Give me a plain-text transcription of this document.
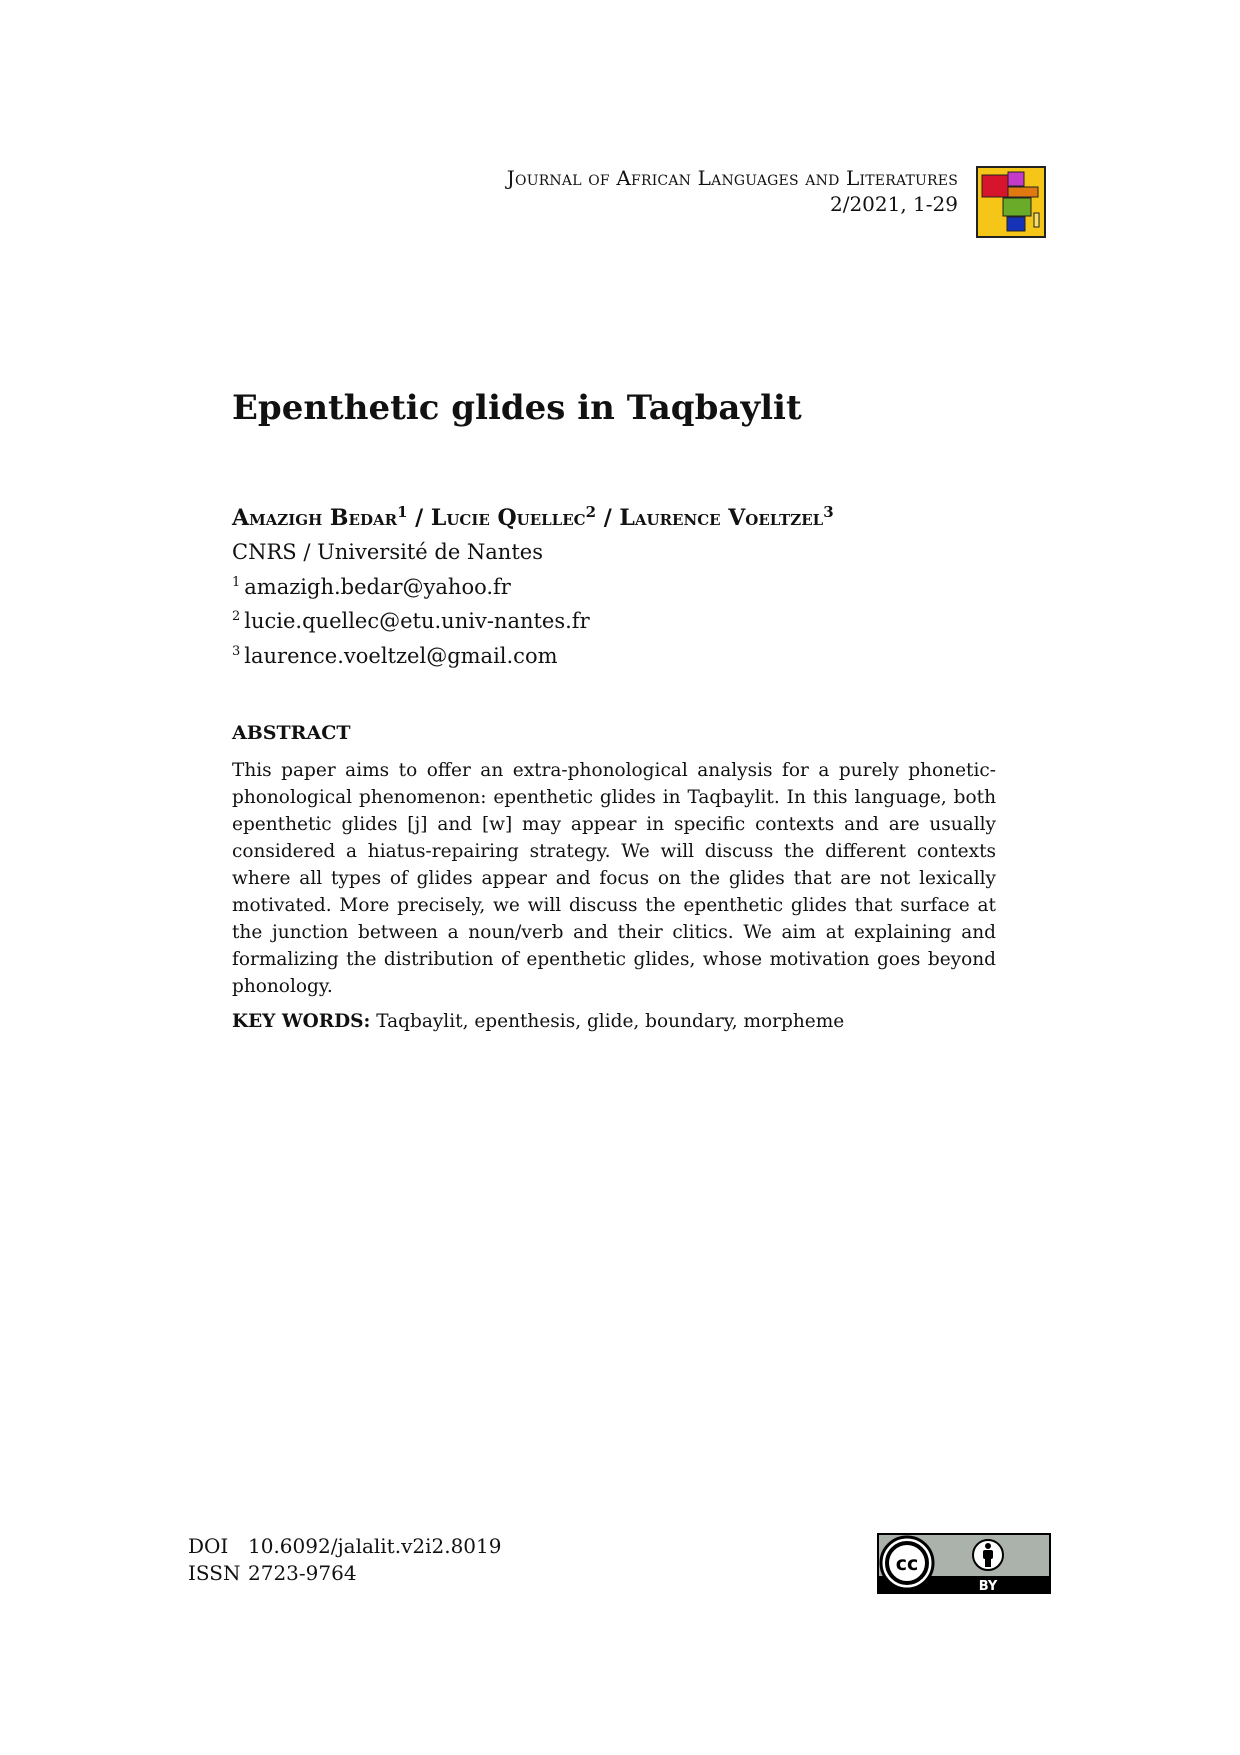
Journal of African Languages and Literatures
2/2021, 1-29
Epenthetic glides in Taqbaylit
Amazigh Bedar$^1$ / Lucie Quellec$^2$ / Laurence Voeltzel$^3$
CNRS / Université de Nantes
$^1$ amazigh.bedar@yahoo.fr
$^2$ lucie.quellec@etu.univ-nantes.fr
$^3$ laurence.voeltzel@gmail.com
ABSTRACT

This paper aims to offer an extra-phonological analysis for a purely phonetic-phonological phenomenon: epenthetic glides in Taqbaylit. In this language, both epenthetic glides [j] and [w] may appear in specific contexts and are usually considered a hiatus-repairing strategy. We will discuss the different contexts where all types of glides appear and focus on the glides that are not lexically motivated. More precisely, we will discuss the epenthetic glides that surface at the junction between a noun/verb and their clitics. We aim at explaining and formalizing the distribution of epenthetic glides, whose motivation goes beyond phonology.

KEY WORDS: Taqbaylit, epenthesis, glide, boundary, morpheme
DOI 10.6092/jalalit.v2i2.8019
ISSN 2723-9764	cc
BY
